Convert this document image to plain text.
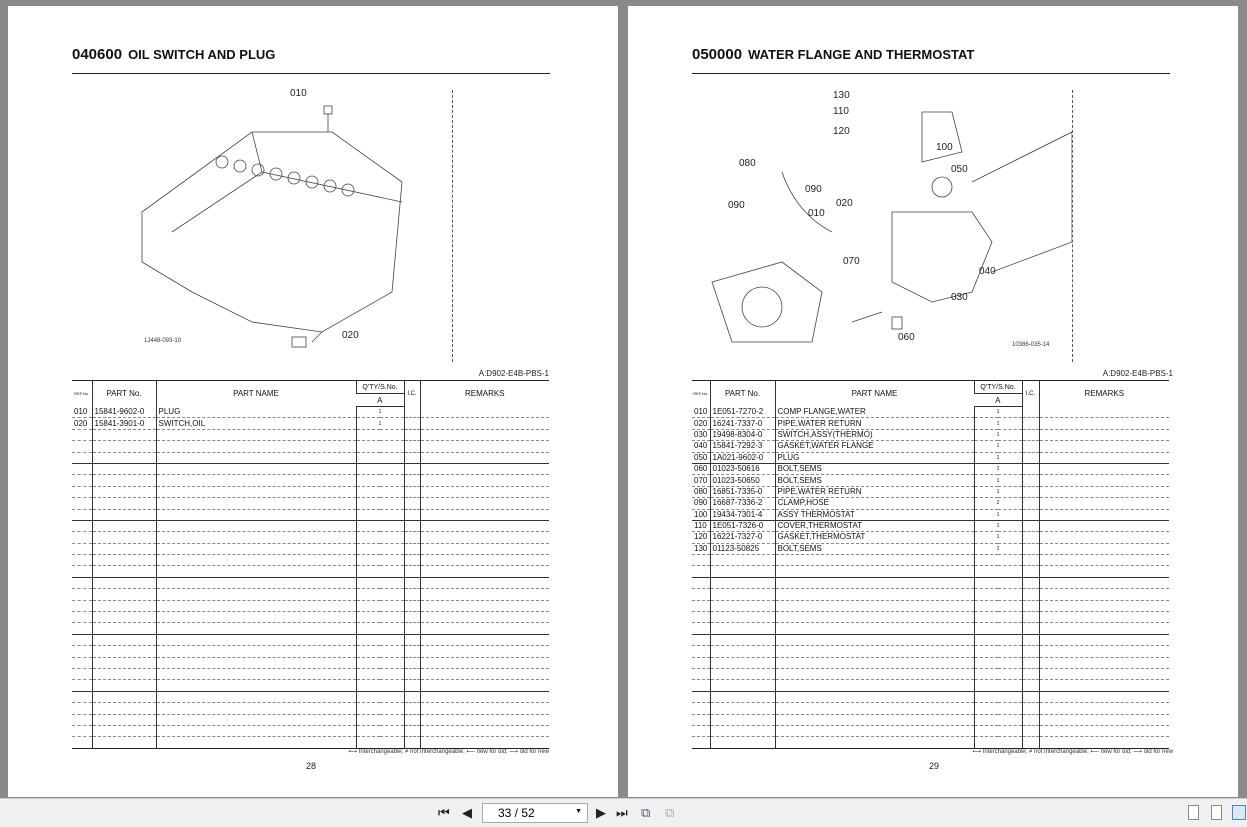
040600 OIL SWITCH AND PLUG
010
020
1J448-093-10
A:D902-E4B-PBS-1
REF.No.	PART No.	PART NAME	Q'TY/S.No.	I.C.	REMARKS
			A		
010	15841-9602-0	PLUG	1		
020	15841-3901-0	SWITCH,OIL	1		

⟷ Interchangeable; ≠ not Interchangeable; ⟵ new for old; ⟶ old for new
28
050000 WATER FLANGE AND THERMOSTAT
130
110
120
100
080
090
050
020
010
090
070
040
030
060
10386-035-14
A:D902-E4B-PBS-1
REF.No.	PART No.	PART NAME	Q'TY/S.No.	I.C.	REMARKS
			A		
010	1E051-7270-2	COMP FLANGE,WATER	1		
020	16241-7337-0	PIPE,WATER RETURN	1		
030	19498-8304-0	SWITCH,ASSY(THERMO)	1		
040	15841-7292-3	GASKET,WATER FLANGE	1		
050	1A021-9602-0	PLUG	1		
060	01023-50616	BOLT,SEMS	2		
070	01023-50650	BOLT,SEMS	1		
080	16851-7335-0	PIPE,WATER RETURN	1		
090	16687-7336-2	CLAMP,HOSE	2		
100	19434-7301-4	ASSY THERMOSTAT	1		
110	1E051-7326-0	COVER,THERMOSTAT	1		
120	16221-7327-0	GASKET,THERMOSTAT	1		
130	01123-50825	BOLT,SEMS	2		

⟷ Interchangeable; ≠ not Interchangeable; ⟵ new for old; ⟶ old for new
29
⏮ ◀	33 / 52	▼ ▶ ⏭ ⧉ ⧉
